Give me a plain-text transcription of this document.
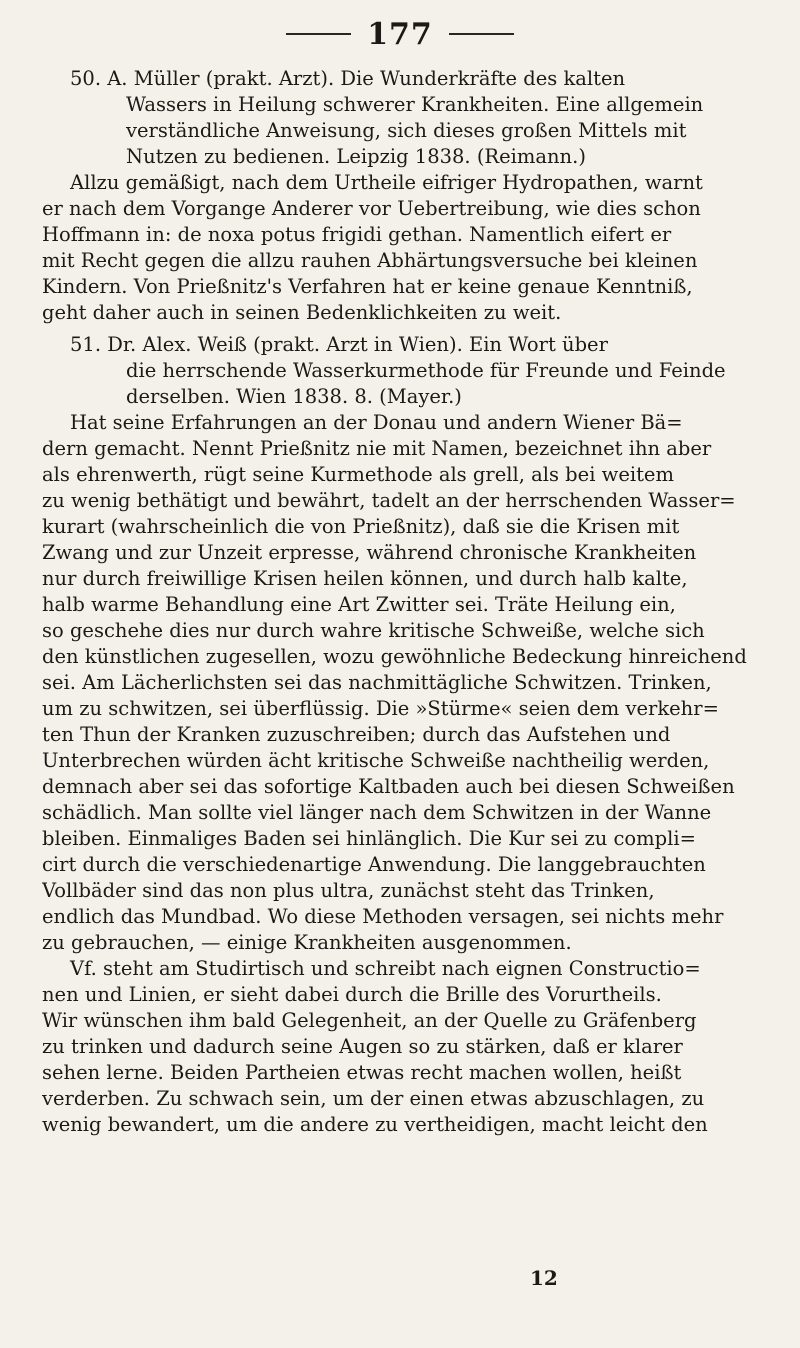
177
50. A. Müller (prakt. Arzt). Die Wunderkräfte des kalten
Wassers in Heilung schwerer Krankheiten. Eine allgemein
verständliche Anweisung, sich dieses großen Mittels mit
Nutzen zu bedienen. Leipzig 1838. (Reimann.)
Allzu gemäßigt, nach dem Urtheile eifriger Hydropathen, warnt
er nach dem Vorgange Anderer vor Uebertreibung, wie dies schon
Hoffmann in: de noxa potus frigidi gethan. Namentlich eifert er
mit Recht gegen die allzu rauhen Abhärtungsversuche bei kleinen
Kindern. Von Prießnitz's Verfahren hat er keine genaue Kenntniß,
geht daher auch in seinen Bedenklichkeiten zu weit.
51. Dr. Alex. Weiß (prakt. Arzt in Wien). Ein Wort über
die herrschende Wasserkurmethode für Freunde und Feinde
derselben. Wien 1838. 8. (Mayer.)
Hat seine Erfahrungen an der Donau und andern Wiener Bä=
dern gemacht. Nennt Prießnitz nie mit Namen, bezeichnet ihn aber
als ehrenwerth, rügt seine Kurmethode als grell, als bei weitem
zu wenig bethätigt und bewährt, tadelt an der herrschenden Wasser=
kurart (wahrscheinlich die von Prießnitz), daß sie die Krisen mit
Zwang und zur Unzeit erpresse, während chronische Krankheiten
nur durch freiwillige Krisen heilen können, und durch halb kalte,
halb warme Behandlung eine Art Zwitter sei. Träte Heilung ein,
so geschehe dies nur durch wahre kritische Schweiße, welche sich
den künstlichen zugesellen, wozu gewöhnliche Bedeckung hinreichend
sei. Am Lächerlichsten sei das nachmittägliche Schwitzen. Trinken,
um zu schwitzen, sei überflüssig. Die »Stürme« seien dem verkehr=
ten Thun der Kranken zuzuschreiben; durch das Aufstehen und
Unterbrechen würden ächt kritische Schweiße nachtheilig werden,
demnach aber sei das sofortige Kaltbaden auch bei diesen Schweißen
schädlich. Man sollte viel länger nach dem Schwitzen in der Wanne
bleiben. Einmaliges Baden sei hinlänglich. Die Kur sei zu compli=
cirt durch die verschiedenartige Anwendung. Die langgebrauchten
Vollbäder sind das non plus ultra, zunächst steht das Trinken,
endlich das Mundbad. Wo diese Methoden versagen, sei nichts mehr
zu gebrauchen, — einige Krankheiten ausgenommen.
Vf. steht am Studirtisch und schreibt nach eignen Constructio=
nen und Linien, er sieht dabei durch die Brille des Vorurtheils.
Wir wünschen ihm bald Gelegenheit, an der Quelle zu Gräfenberg
zu trinken und dadurch seine Augen so zu stärken, daß er klarer
sehen lerne. Beiden Partheien etwas recht machen wollen, heißt
verderben. Zu schwach sein, um der einen etwas abzuschlagen, zu
wenig bewandert, um die andere zu vertheidigen, macht leicht den
12
